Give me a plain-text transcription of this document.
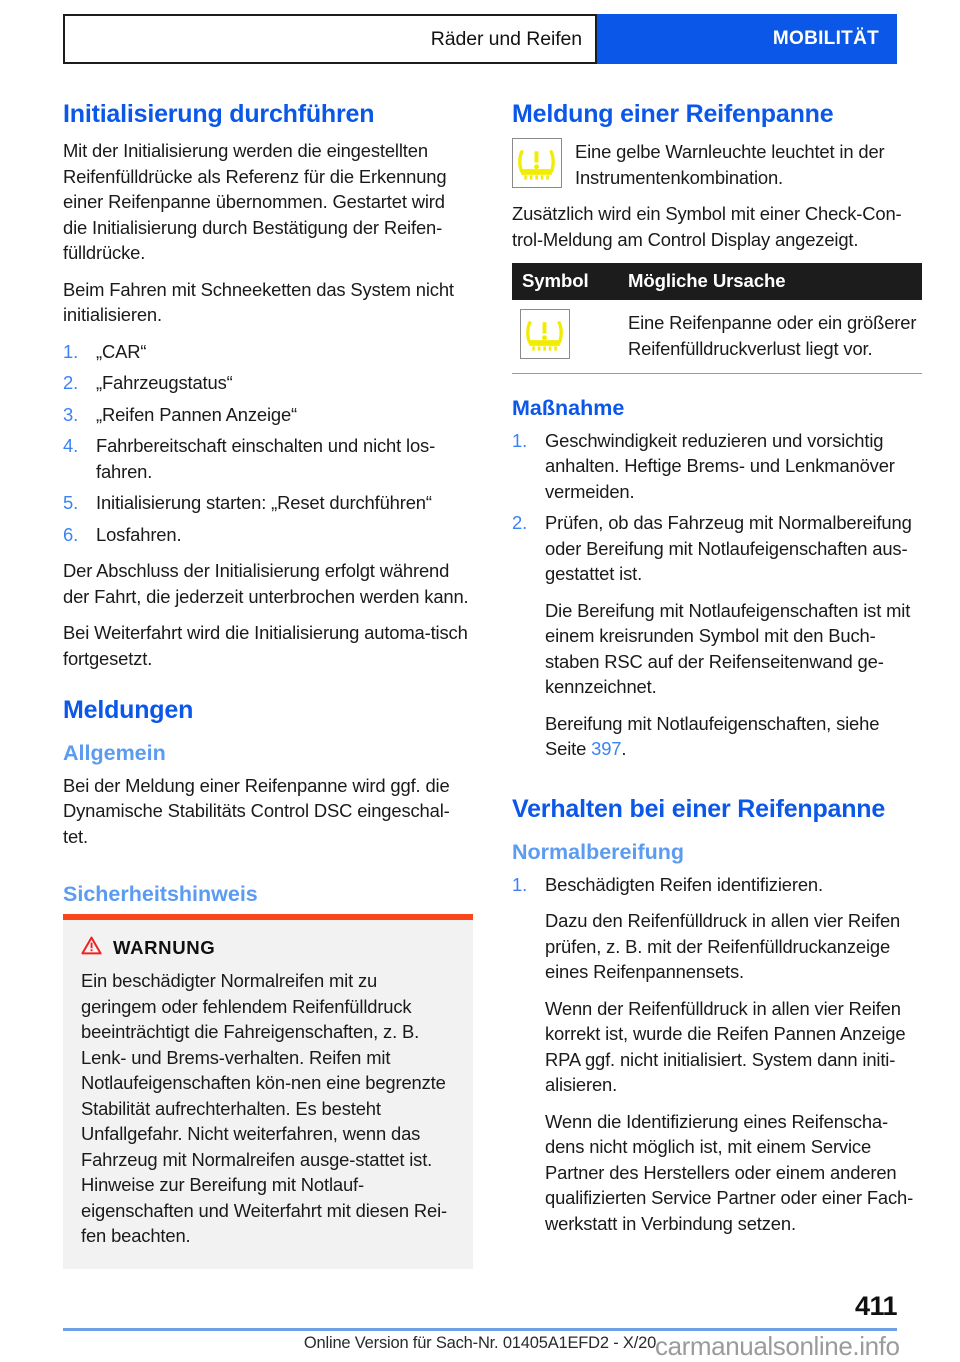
Räder und Reifen	MOBILITÄT
Initialisierung durchführen

Mit der Initialisierung werden die eingestellten Reifenfülldrücke als Referenz für die Erkennung einer Reifenpanne übernommen. Gestartet wird die Initialisierung durch Bestätigung der Reifen-fülldrücke.

Beim Fahren mit Schneeketten das System nicht initialisieren.

„CAR“
„Fahrzeugstatus“
„Reifen Pannen Anzeige“
Fahrbereitschaft einschalten und nicht los-fahren.
Initialisierung starten: „Reset durchführen“
Losfahren.

Der Abschluss der Initialisierung erfolgt während der Fahrt, die jederzeit unterbrochen werden kann.

Bei Weiterfahrt wird die Initialisierung automa-tisch fortgesetzt.

Meldungen
Allgemein

Bei der Meldung einer Reifenpanne wird ggf. die Dynamische Stabilitäts Control DSC eingeschal-tet.

Sicherheitshinweis
WARNUNG
Ein beschädigter Normalreifen mit zu geringem oder fehlendem Reifenfülldruck beeinträchtigt die Fahreigenschaften, z. B. Lenk- und Brems-verhalten. Reifen mit Notlaufeigenschaften kön-nen eine begrenzte Stabilität aufrechterhalten. Es besteht Unfallgefahr. Nicht weiterfahren, wenn das Fahrzeug mit Normalreifen ausge-stattet ist. Hinweise zur Bereifung mit Notlauf-eigenschaften und Weiterfahrt mit diesen Rei-fen beachten.
Meldung einer Reifenpanne
Eine gelbe Warnleuchte leuchtet in der Instrumentenkombination.

Zusätzlich wird ein Symbol mit einer Check-Con-trol-Meldung am Control Display angezeigt.

Symbol	Mögliche Ursache

	Eine Reifenpanne oder ein größerer Reifenfülldruckverlust liegt vor.
Maßnahme
Geschwindigkeit reduzieren und vorsichtig anhalten. Heftige Brems- und Lenkmanöver vermeiden.
Prüfen, ob das Fahrzeug mit Normalbereifung oder Bereifung mit Notlaufeigenschaften aus-gestattet ist.
Die Bereifung mit Notlaufeigenschaften ist mit einem kreisrunden Symbol mit den Buch-staben RSC auf der Reifenseitenwand ge-kennzeichnet.
Bereifung mit Notlaufeigenschaften, siehe Seite 397.
Verhalten bei einer Reifenpanne
Normalbereifung
Beschädigten Reifen identifizieren.
Dazu den Reifenfülldruck in allen vier Reifen prüfen, z. B. mit der Reifenfülldruckanzeige eines Reifenpannensets.
Wenn der Reifenfülldruck in allen vier Reifen korrekt ist, wurde die Reifen Pannen Anzeige RPA ggf. nicht initialisiert. System dann initi-alisieren.
Wenn die Identifizierung eines Reifenscha-dens nicht möglich ist, mit einem Service Partner des Herstellers oder einem anderen qualifizierten Service Partner oder einer Fach-werkstatt in Verbindung setzen.
411
Online Version für Sach-Nr. 01405A1EFD2 - X/20
carmanualsonline.info
